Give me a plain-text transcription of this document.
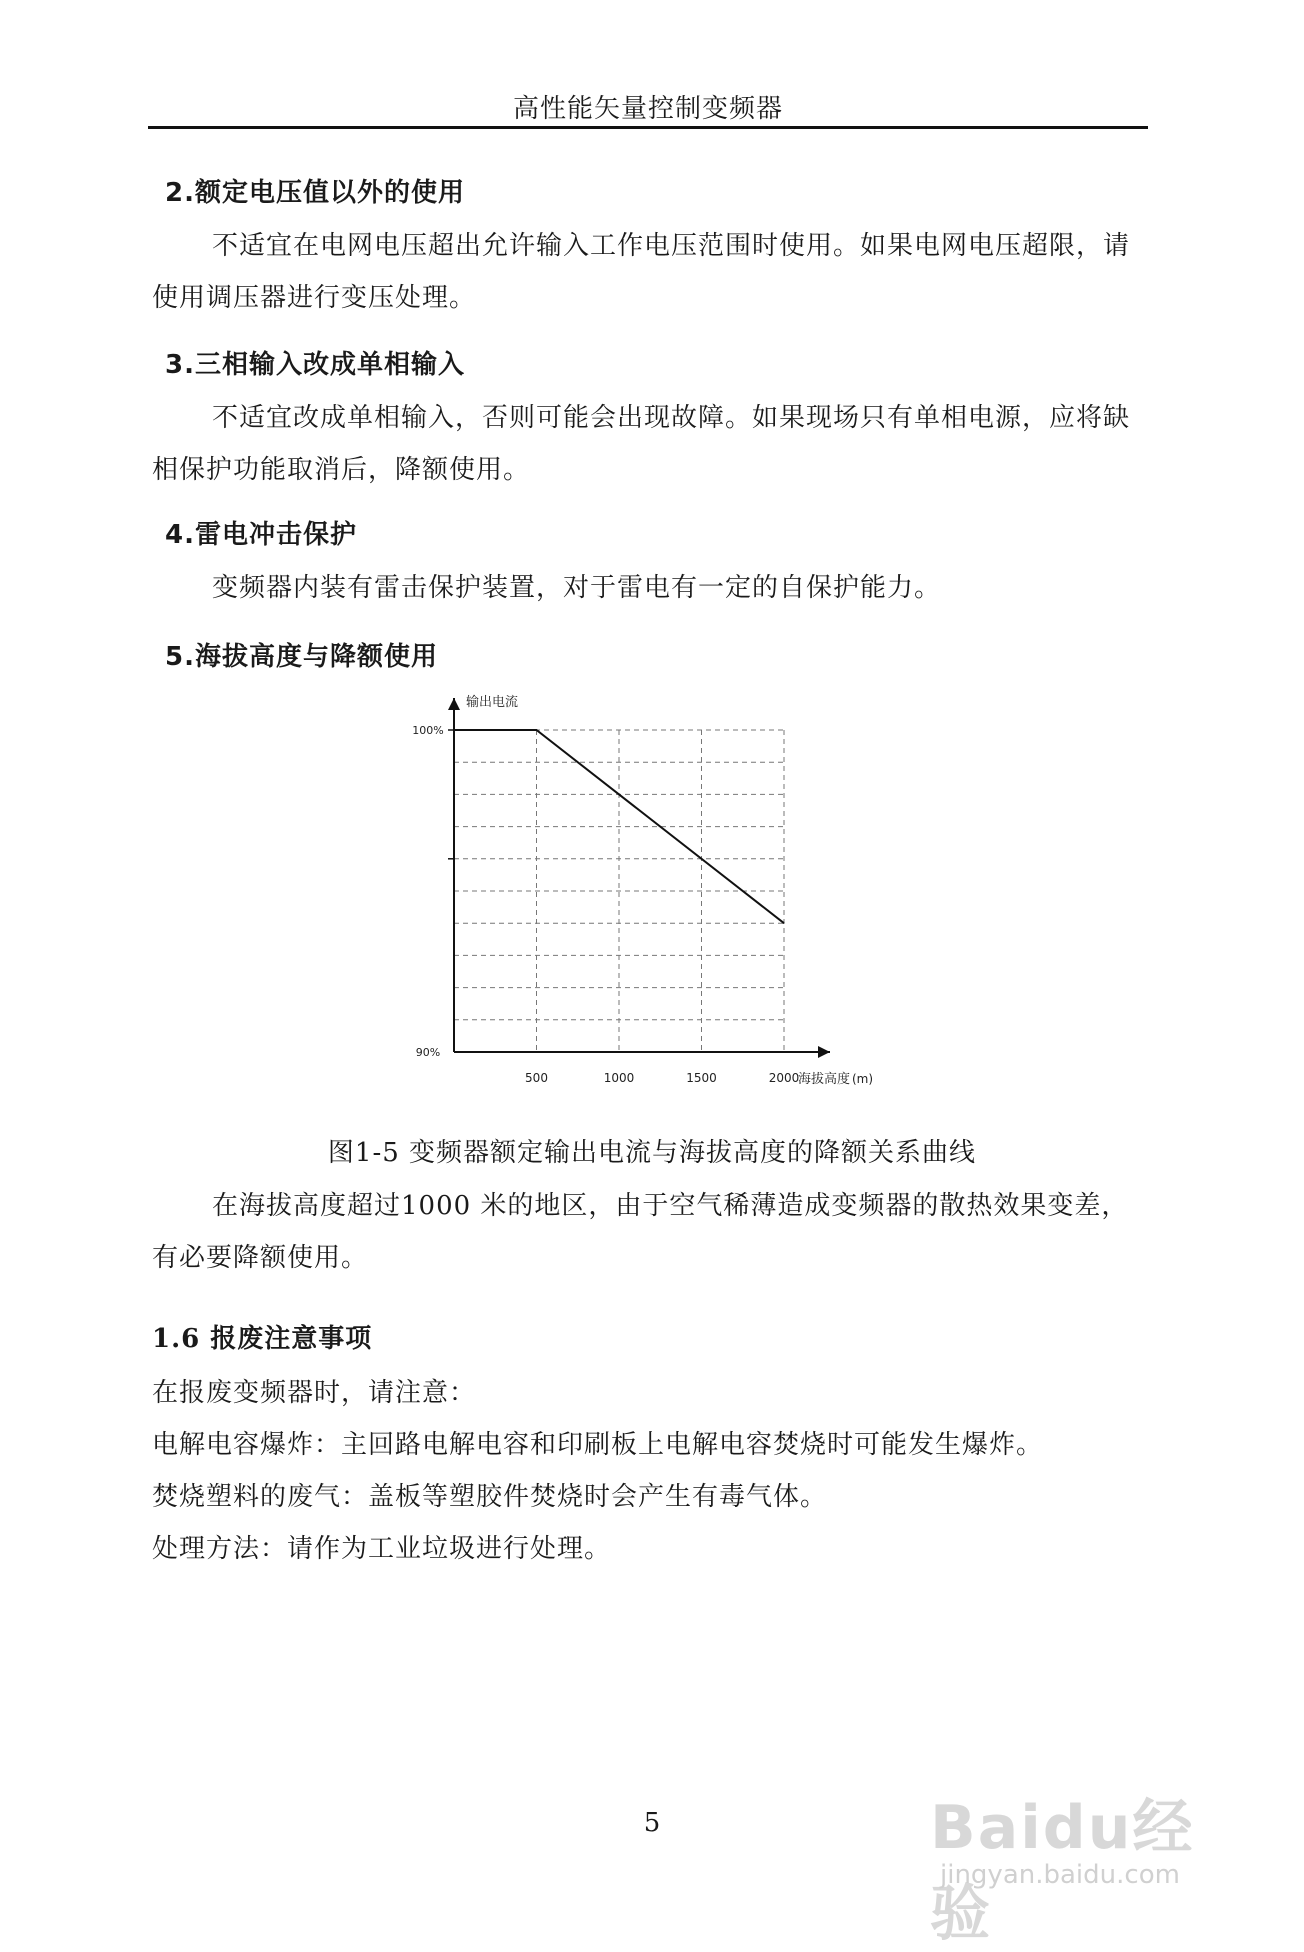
高性能矢量控制变频器
2.额定电压值以外的使用
不适宜在电网电压超出允许输入工作电压范围时使用。如果电网电压超限，请使用调压器进行变压处理。
3.三相输入改成单相输入
不适宜改成单相输入，否则可能会出现故障。如果现场只有单相电源，应将缺相保护功能取消后，降额使用。
4.雷电冲击保护
变频器内装有雷击保护装置，对于雷电有一定的自保护能力。
5.海拔高度与降额使用
输出电流
100%
90%
500	1000	1500	2000
海拔高度 (m)
图1-5 变频器额定输出电流与海拔高度的降额关系曲线
在海拔高度超过1000 米的地区，由于空气稀薄造成变频器的散热效果变差，有必要降额使用。
1.6 报废注意事项
在报废变频器时，请注意：
电解电容爆炸：主回路电解电容和印刷板上电解电容焚烧时可能发生爆炸。
焚烧塑料的废气：盖板等塑胶件焚烧时会产生有毒气体。
处理方法：请作为工业垃圾进行处理。
5	Baidu经验
jingyan.baidu.com
